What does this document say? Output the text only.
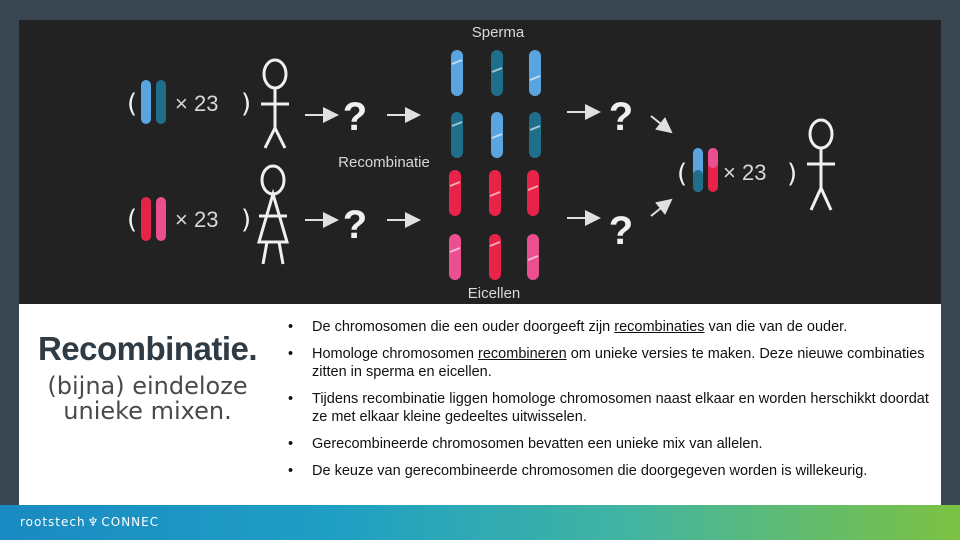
Sperma
Recombinatie
Eicellen
( × 23 )
( × 23 )
?
?
?
?
( × 23 )
Recombinatie.
(bijna) eindeloze
unieke mixen.
• De chromosomen die een ouder doorgeeft zijn recombinaties van die van de ouder.
• Homologe chromosomen recombineren om unieke versies te maken. Deze nieuwe combinaties zitten in sperma en eicellen.
• Tijdens recombinatie liggen homologe chromosomen naast elkaar en worden herschikkt doordat ze met elkaar kleine gedeeltes uitwisselen.
• Gerecombineerde chromosomen bevatten een unieke mix van allelen.
• De keuze van gerecombineerde chromosomen die doorgegeven worden is willekeurig.
rootstech ♆ CONNEC
